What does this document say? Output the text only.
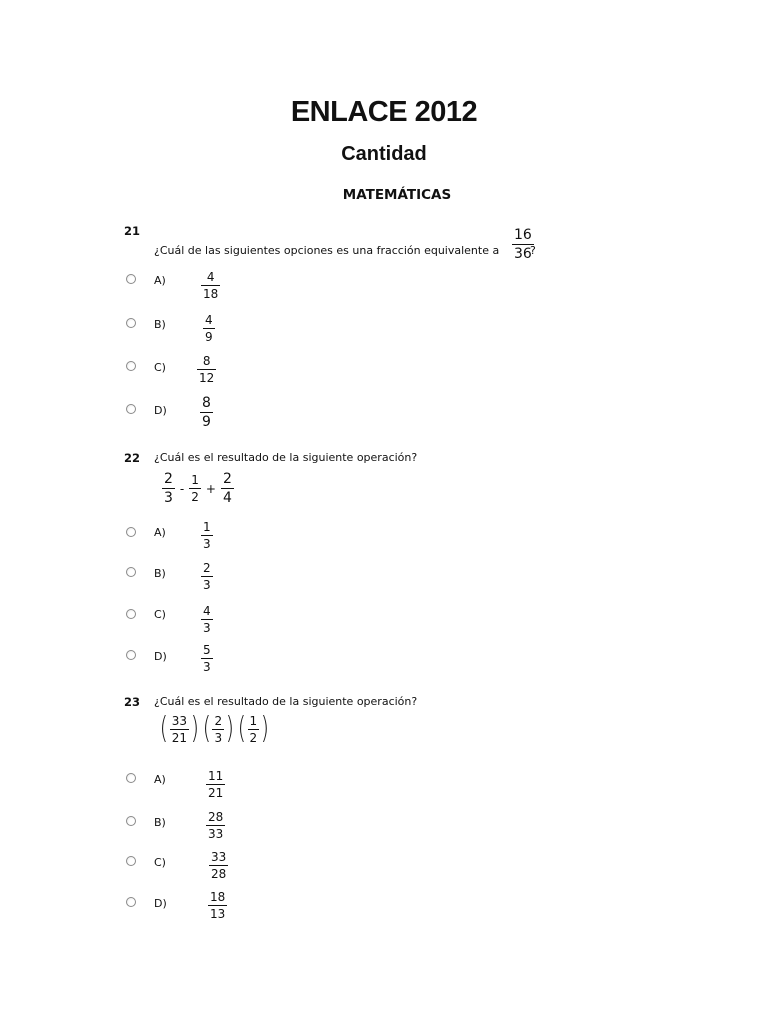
ENLACE 2012
Cantidad
MATEMÁTICAS
21	$\frac{16}{36}$
¿Cuál de las siguientes opciones es una fracción equivalente a	?
A)	$\frac{4}{18}$
B)	$\frac{4}{9}$
C)	$\frac{8}{12}$
$D) \frac{8}{9}$
22 ¿Cuál es el resultado de la siguiente operación?
$\frac{2}{3} - \frac{1}{2} + \frac{2}{4}$
A)	$\frac{1}{3}$
B)	$\frac{2}{3}$
C)	$\frac{4}{3}$
D)	$\frac{5}{3}$
23 ¿Cuál es el resultado de la siguiente operación?
( $\frac{33}{21}$ ) ( $\frac{2}{3}$ ) ( $\frac{1}{2}$ )
A)	$\frac{11}{21}$
B)	$\frac{28}{33}$
C)	$\frac{33}{28}$
D)	$\frac{18}{13}$
